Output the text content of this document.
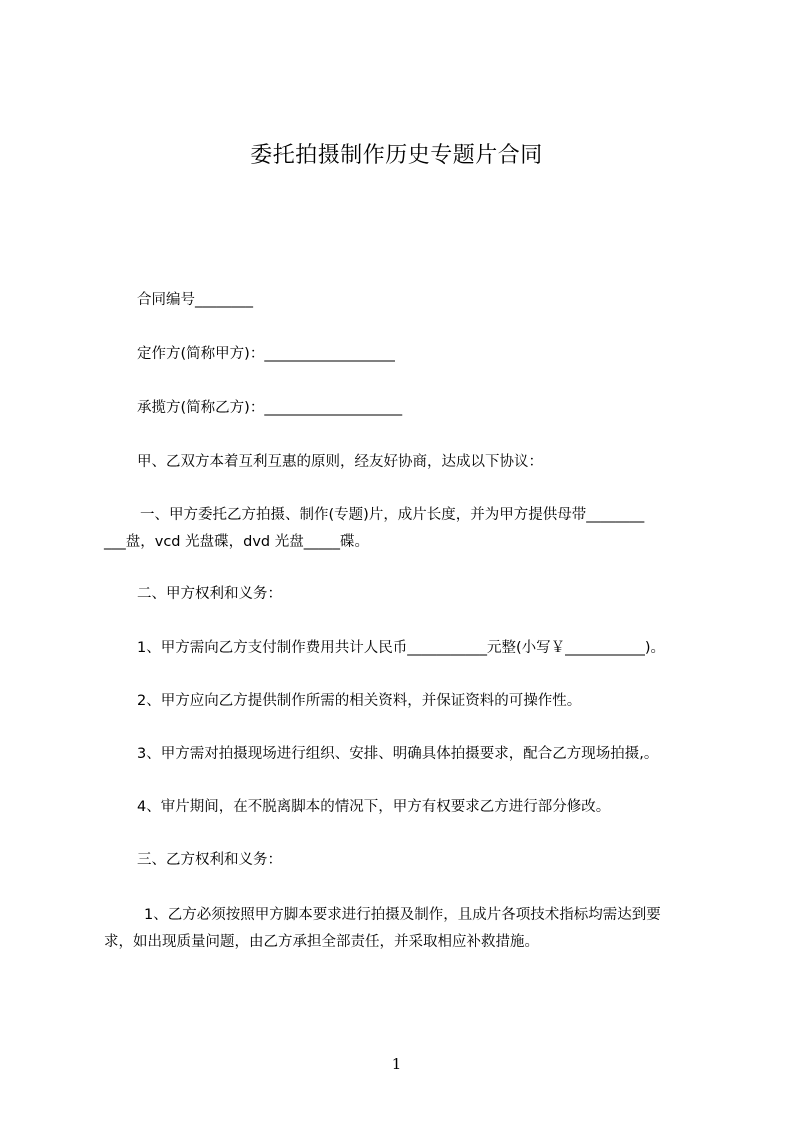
委托拍摄制作历史专题片合同
合同编号________
定作方(简称甲方)：__________________
承揽方(简称乙方)：___________________
甲、乙双方本着互利互惠的原则，经友好协商，达成以下协议：
一、甲方委托乙方拍摄、制作(专题)片，成片长度，并为甲方提供母带________
___盘，vcd 光盘碟，dvd 光盘_____碟。
二、甲方权利和义务：
1、甲方需向乙方支付制作费用共计人民币___________元整(小写￥___________)。
2、甲方应向乙方提供制作所需的相关资料，并保证资料的可操作性。
3、甲方需对拍摄现场进行组织、安排、明确具体拍摄要求，配合乙方现场拍摄,。
4、审片期间，在不脱离脚本的情况下，甲方有权要求乙方进行部分修改。
三、乙方权利和义务：
1、乙方必须按照甲方脚本要求进行拍摄及制作，且成片各项技术指标均需达到要
求，如出现质量问题，由乙方承担全部责任，并采取相应补救措施。
1
